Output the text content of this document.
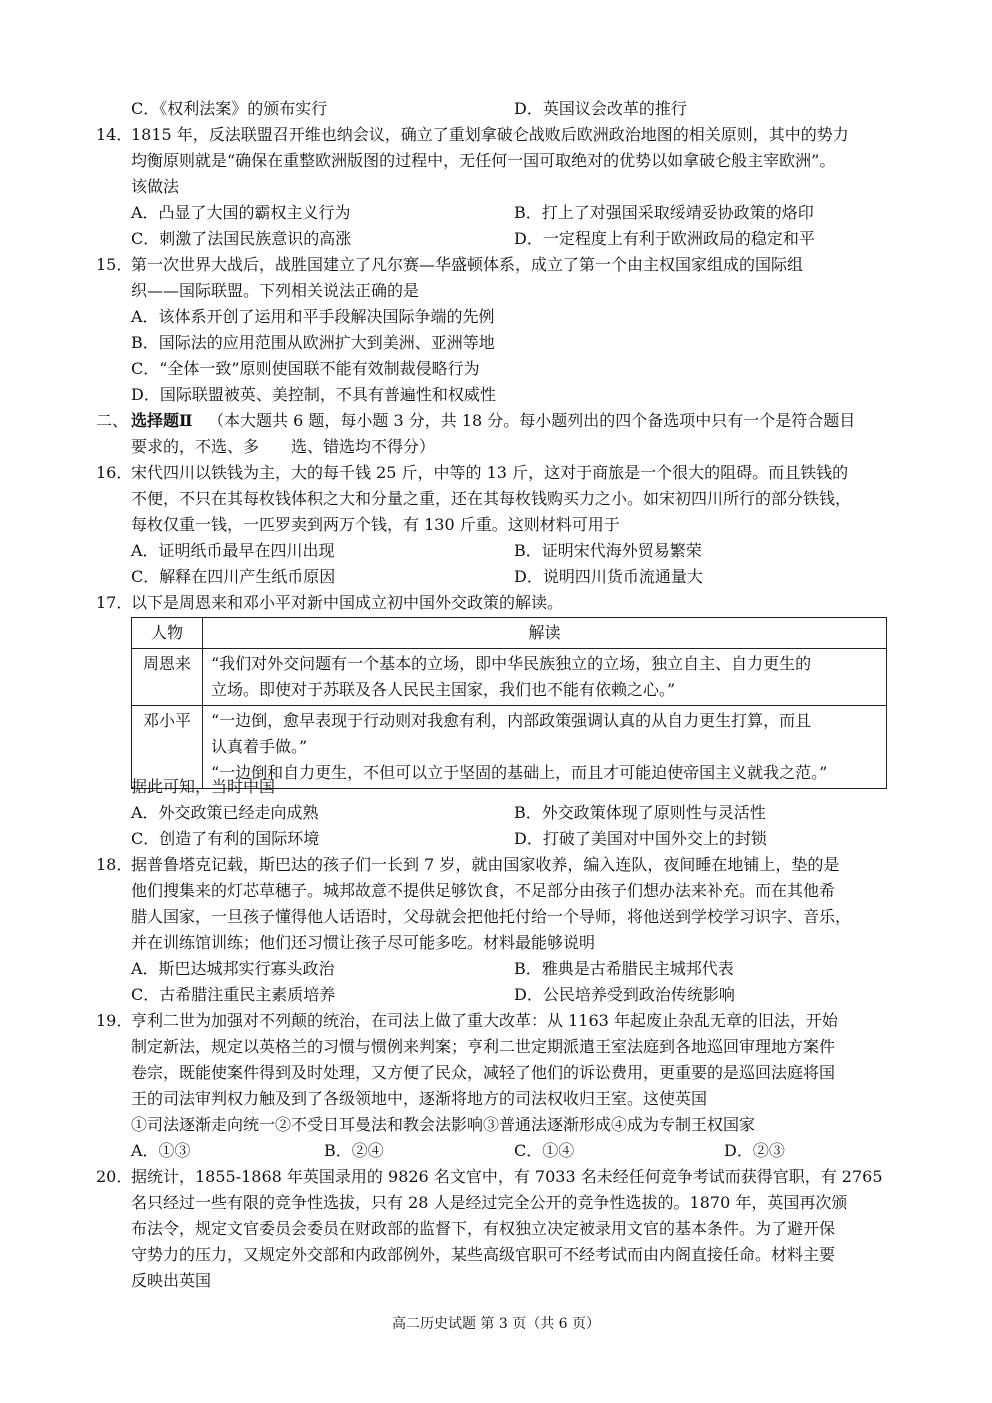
C．《权利法案》的颁布实行	D．英国议会改革的推行
14．
1815 年，反法联盟召开维也纳会议，确立了重划拿破仑战败后欧洲政治地图的相关原则，其中的势力
均衡原则就是“确保在重整欧洲版图的过程中，无任何一国可取绝对的优势以如拿破仑般主宰欧洲”。
该做法
A．凸显了大国的霸权主义行为	B．打上了对强国采取绥靖妥协政策的烙印
C．刺激了法国民族意识的高涨	D．一定程度上有利于欧洲政局的稳定和平
15．
第一次世界大战后，战胜国建立了凡尔赛—华盛顿体系，成立了第一个由主权国家组成的国际组
织——国际联盟。下列相关说法正确的是
A．该体系开创了运用和平手段解决国际争端的先例
B．国际法的应用范围从欧洲扩大到美洲、亚洲等地
C．“全体一致”原则使国联不能有效制裁侵略行为
D．国际联盟被英、美控制，不具有普遍性和权威性
二、 选择题Ⅱ （本大题共 6 题，每小题 3 分，共 18 分。每小题列出的四个备选项中只有一个是符合题目
要求的，不选、多　　选、错选均不得分）
16．
宋代四川以铁钱为主，大的每千钱 25 斤，中等的 13 斤，这对于商旅是一个很大的阻碍。而且铁钱的
不便，不只在其每枚钱体积之大和分量之重，还在其每枚钱购买力之小。如宋初四川所行的部分铁钱，
每枚仅重一钱，一匹罗卖到两万个钱，有 130 斤重。这则材料可用于
A．证明纸币最早在四川出现	B．证明宋代海外贸易繁荣
C．解释在四川产生纸币原因	D．说明四川货币流通量大
17．
以下是周恩来和邓小平对新中国成立初中国外交政策的解读。
人物	解读
周恩来	“我们对外交问题有一个基本的立场，即中华民族独立的立场，独立自主、自力更生的
立场。即使对于苏联及各人民民主国家，我们也不能有依赖之心。”

邓小平	“一边倒，愈早表现于行动则对我愈有利，内部政策强调认真的从自力更生打算，而且
认真着手做。”
“一边倒和自力更生，不但可以立于坚固的基础上，而且才可能迫使帝国主义就我之范。”
据此可知，当时中国
A．外交政策已经走向成熟	B．外交政策体现了原则性与灵活性
C．创造了有利的国际环境	D．打破了美国对中国外交上的封锁
18．
据普鲁塔克记载，斯巴达的孩子们一长到 7 岁，就由国家收养，编入连队，夜间睡在地铺上，垫的是
他们搜集来的灯芯草穗子。城邦故意不提供足够饮食，不足部分由孩子们想办法来补充。而在其他希
腊人国家，一旦孩子懂得他人话语时，父母就会把他托付给一个导师，将他送到学校学习识字、音乐，
并在训练馆训练；他们还习惯让孩子尽可能多吃。材料最能够说明
A．斯巴达城邦实行寡头政治	B．雅典是古希腊民主城邦代表
C．古希腊注重民主素质培养	D．公民培养受到政治传统影响
19．
亨利二世为加强对不列颠的统治，在司法上做了重大改革：从 1163 年起废止杂乱无章的旧法，开始
制定新法，规定以英格兰的习惯与惯例来判案；亨利二世定期派遣王室法庭到各地巡回审理地方案件
卷宗，既能使案件得到及时处理，又方便了民众，减轻了他们的诉讼费用，更重要的是巡回法庭将国
王的司法审判权力触及到了各级领地中，逐渐将地方的司法权收归王室。这使英国
①司法逐渐走向统一②不受日耳曼法和教会法影响③普通法逐渐形成④成为专制王权国家
A．①③	B．②④	C．①④	D．②③
20．
据统计，1855-1868 年英国录用的 9826 名文官中，有 7033 名未经任何竞争考试而获得官职，有 2765
名只经过一些有限的竞争性选拔，只有 28 人是经过完全公开的竞争性选拔的。1870 年，英国再次颁
布法令，规定文官委员会委员在财政部的监督下，有权独立决定被录用文官的基本条件。为了避开保
守势力的压力，又规定外交部和内政部例外，某些高级官职可不经考试而由内阁直接任命。材料主要
反映出英国
高二历史试题 第 3 页（共 6 页）
